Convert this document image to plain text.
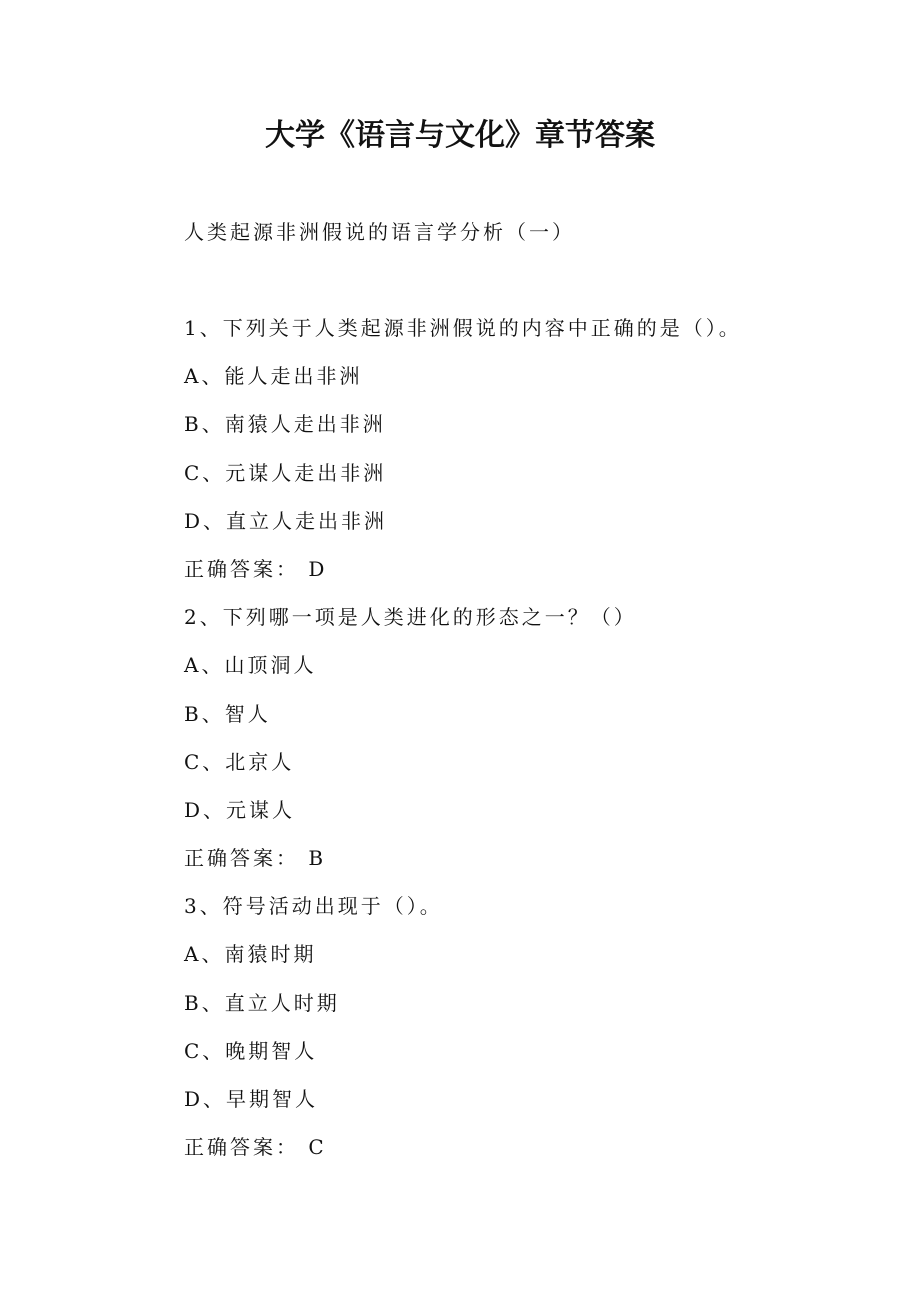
大学《语言与文化》章节答案
人类起源非洲假说的语言学分析（一）
1、下列关于人类起源非洲假说的内容中正确的是（）。
A、能人走出非洲
B、南猿人走出非洲
C、元谋人走出非洲
D、直立人走出非洲
正确答案： D
2、下列哪一项是人类进化的形态之一？（）
A、山顶洞人
B、智人
C、北京人
D、元谋人
正确答案： B
3、符号活动出现于（）。
A、南猿时期
B、直立人时期
C、晚期智人
D、早期智人
正确答案： C
